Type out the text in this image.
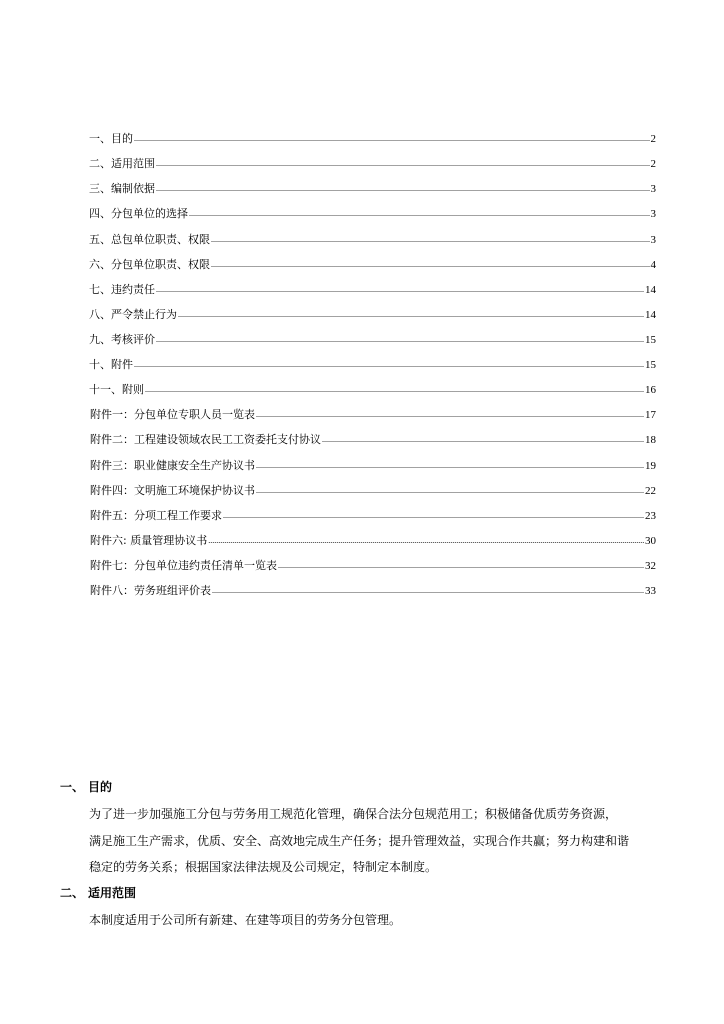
一、 目的 .....	2
二、 适用范围 .....	2
三、 编制依据 .....	3
四、 分包单位的选择 .....	3
五、 总包单位职责、权限 .....	3
六、 分包单位职责、权限 .....	4
七、 违约责任 .....	14
八、 严令禁止行为 .....	14
九、 考核评价 .....	15
十、 附件 .....	15
十一、 附则 .....	16
附件一：分包单位专职人员一览表 .....	17
附件二：工程建设领域农民工工资委托支付协议 .....	18
附件三：职业健康安全生产协议书 .....	19
附件四：文明施工环境保护协议书 .....	22
附件五：分项工程工作要求 .....	23
附件六: 质量管理协议书 .....	30
附件七：分包单位违约责任清单一览表 .....	32
附件八：劳务班组评价表 .....	33
一、 目的
为了进一步加强施工分包与劳务用工规范化管理，确保合法分包规范用工；积极储备优质劳务资源，
满足施工生产需求，优质、安全、高效地完成生产任务；提升管理效益，实现合作共赢；努力构建和谐
稳定的劳务关系；根据国家法律法规及公司规定，特制定本制度。
二、 适用范围
本制度适用于公司所有新建、在建等项目的劳务分包管理。
